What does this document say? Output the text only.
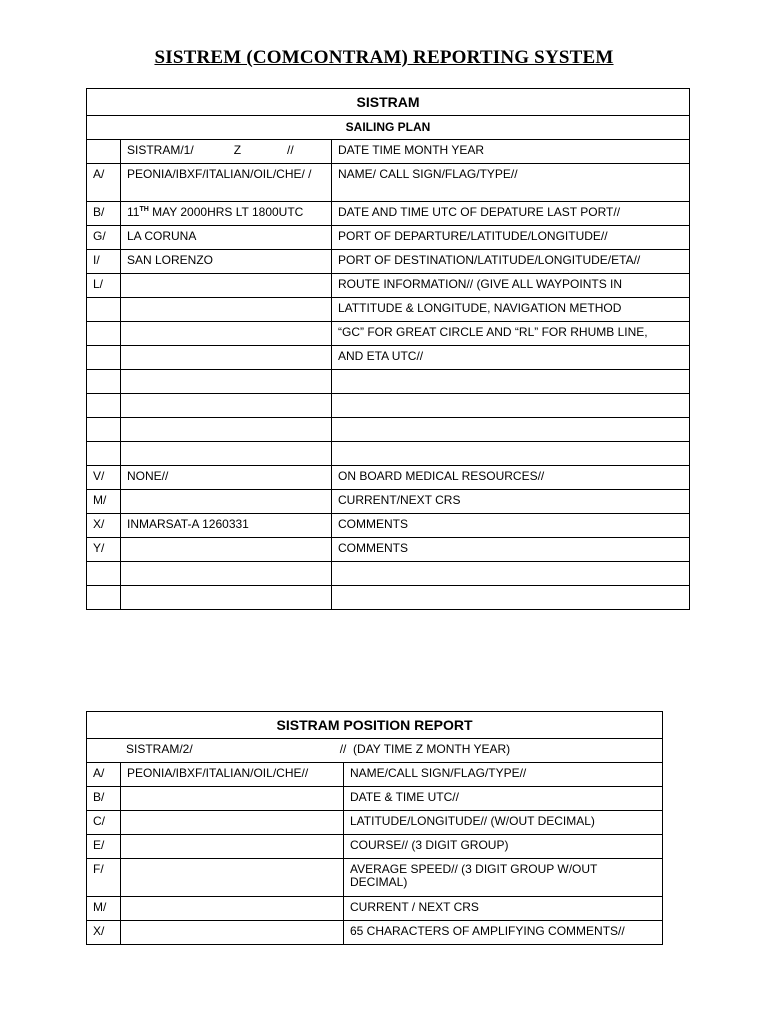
SISTREM (COMCONTRAM) REPORTING SYSTEM
SISTRAM		
SAILING PLAN		
	SISTRAM/1/ Z //	DATE TIME MONTH YEAR
A/	PEONIA/IBXF/ITALIAN/OIL/CHE/ /	NAME/ CALL SIGN/FLAG/TYPE//
B/	11TH MAY 2000HRS LT 1800UTC	DATE AND TIME UTC OF DEPATURE LAST PORT//
G/	LA CORUNA	PORT OF DEPARTURE/LATITUDE/LONGITUDE//
I/	SAN LORENZO	PORT OF DESTINATION/LATITUDE/LONGITUDE/ETA//
L/		ROUTE INFORMATION// (GIVE ALL WAYPOINTS IN
		LATTITUDE & LONGITUDE, NAVIGATION METHOD
		“GC” FOR GREAT CIRCLE AND “RL” FOR RHUMB LINE,
		AND ETA UTC//

V/	NONE//	ON BOARD MEDICAL RESOURCES//
M/		CURRENT/NEXT CRS
X/	INMARSAT-A 1260331	COMMENTS
Y/		COMMENTS

SISTRAM POSITION REPORT		
SISTRAM/2/ // (DAY TIME Z MONTH YEAR)		
A/	PEONIA/IBXF/ITALIAN/OIL/CHE//	NAME/CALL SIGN/FLAG/TYPE//
B/		DATE & TIME UTC//
C/		LATITUDE/LONGITUDE// (W/OUT DECIMAL)
E/		COURSE// (3 DIGIT GROUP)
F/		AVERAGE SPEED// (3 DIGIT GROUP W/OUT DECIMAL)
M/		CURRENT / NEXT CRS
X/		65 CHARACTERS OF AMPLIFYING COMMENTS//
